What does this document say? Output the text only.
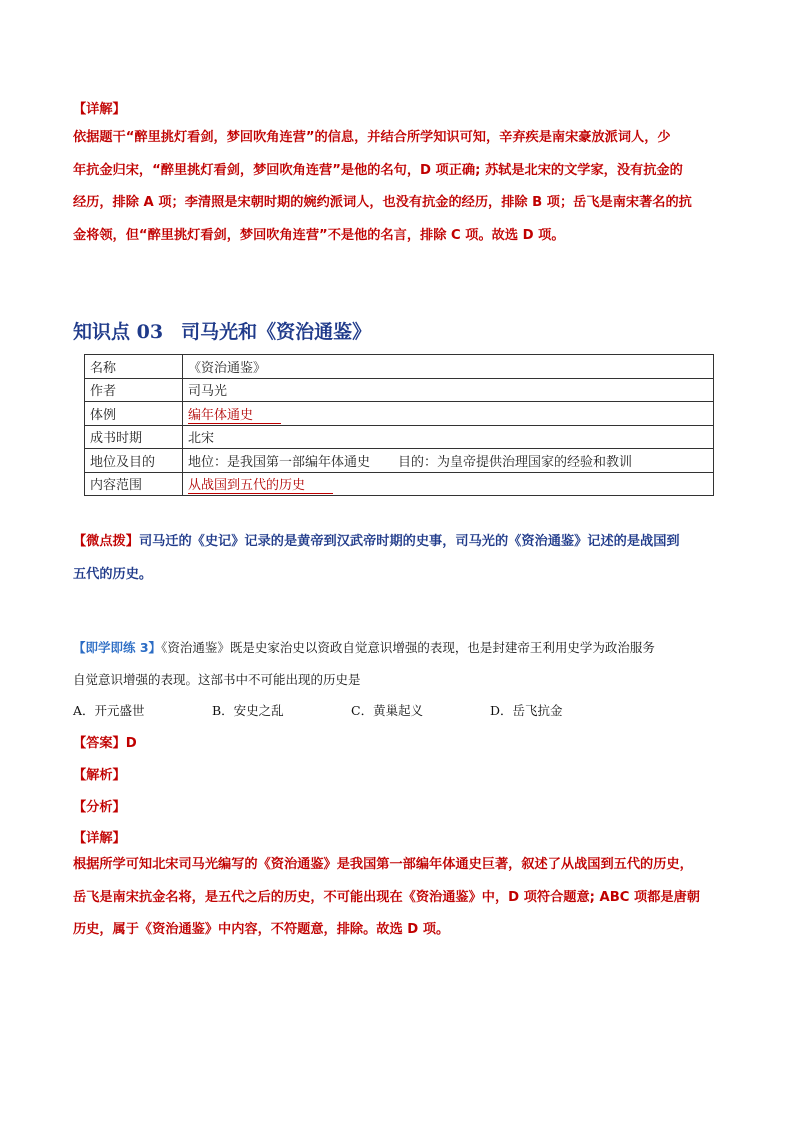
【详解】
依据题干“醉里挑灯看剑，梦回吹角连营”的信息，并结合所学知识可知，辛弃疾是南宋豪放派词人，少
年抗金归宋，“醉里挑灯看剑，梦回吹角连营”是他的名句，D 项正确; 苏轼是北宋的文学家，没有抗金的
经历，排除 A 项；李清照是宋朝时期的婉约派词人，也没有抗金的经历，排除 B 项；岳飞是南宋著名的抗
金将领，但“醉里挑灯看剑，梦回吹角连营”不是他的名言，排除 C 项。故选 D 项。
知识点 03 司马光和《资治通鉴》
名称	《资治通鉴》
作者	司马光
体例	编年体通史
成书时期	北宋
地位及目的	地位：是我国第一部编年体通史 目的：为皇帝提供治理国家的经验和教训
内容范围	从战国到五代的历史
【微点拨】司马迁的《史记》记录的是黄帝到汉武帝时期的史事，司马光的《资治通鉴》记述的是战国到
五代的历史。
【即学即练 3】《资治通鉴》既是史家治史以资政自觉意识增强的表现，也是封建帝王利用史学为政治服务
自觉意识增强的表现。这部书中不可能出现的历史是
A．开元盛世	B．安史之乱	C．黄巢起义	D．岳飞抗金
【答案】D
【解析】
【分析】
【详解】
根据所学可知北宋司马光编写的《资治通鉴》是我国第一部编年体通史巨著，叙述了从战国到五代的历史，
岳飞是南宋抗金名将，是五代之后的历史，不可能出现在《资治通鉴》中，D 项符合题意; ABC 项都是唐朝
历史，属于《资治通鉴》中内容，不符题意，排除。故选 D 项。
